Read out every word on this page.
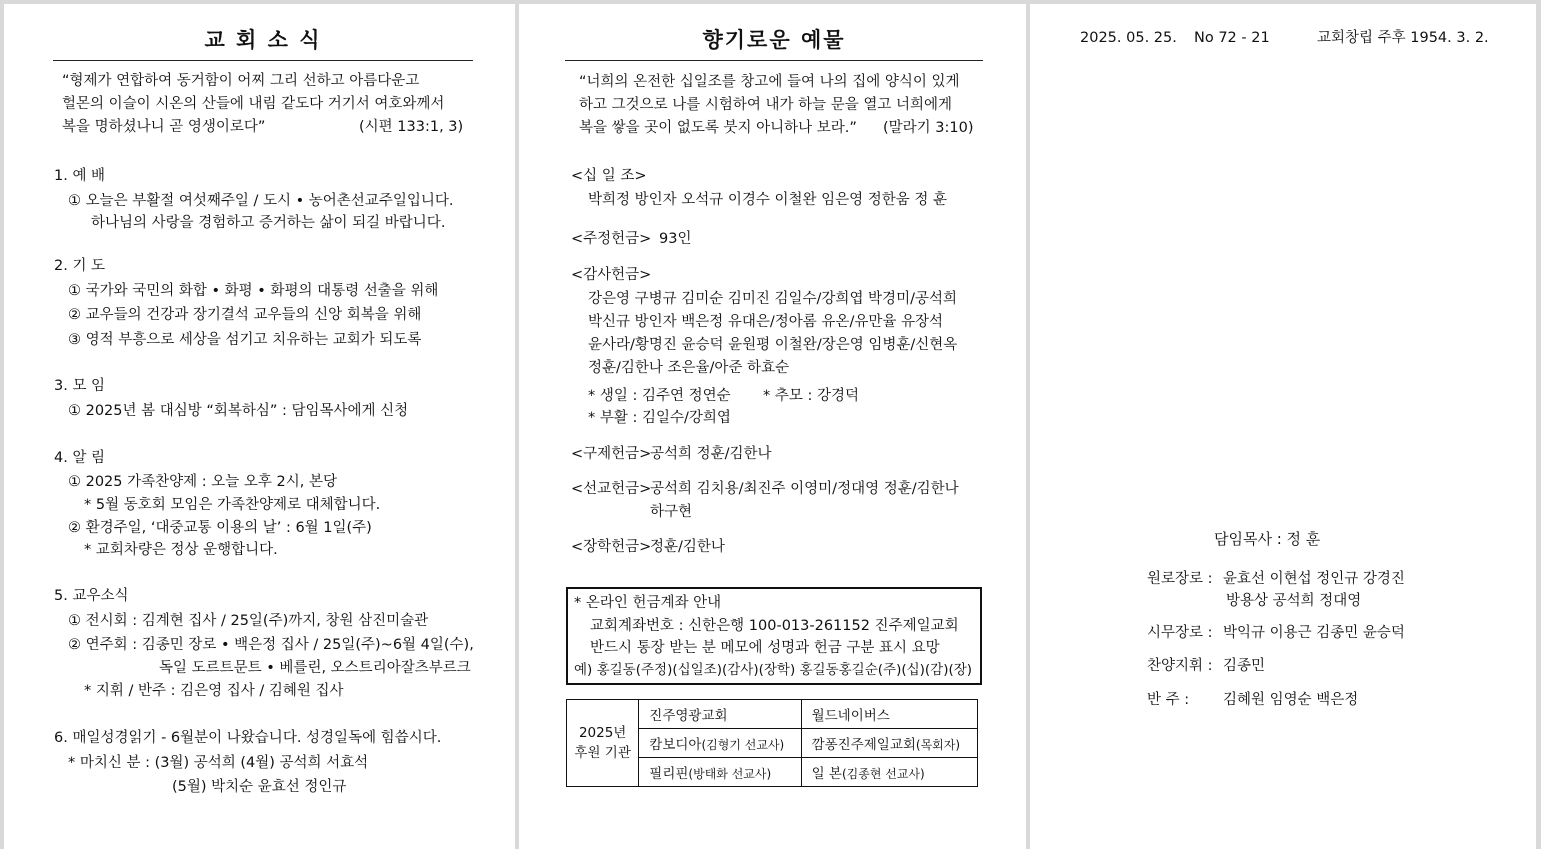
교 회 소 식
“형제가 연합하여 동거함이 어찌 그리 선하고 아름다운고
헐몬의 이슬이 시온의 산들에 내림 같도다 거기서 여호와께서
복을 명하셨나니 곧 영생이로다”	(시편 133:1, 3)
1. 예 배
① 오늘은 부활절 여섯째주일 / 도시 • 농어촌선교주일입니다.
하나님의 사랑을 경험하고 증거하는 삶이 되길 바랍니다.
2. 기 도
① 국가와 국민의 화합 • 화평 • 화평의 대통령 선출을 위해
② 교우들의 건강과 장기결석 교우들의 신앙 회복을 위해
③ 영적 부흥으로 세상을 섬기고 치유하는 교회가 되도록
3. 모 임
① 2025년 봄 대심방 “회복하심” : 담임목사에게 신청
4. 알 림
① 2025 가족찬양제 : 오늘 오후 2시, 본당
* 5월 동호회 모임은 가족찬양제로 대체합니다.
② 환경주일, ‘대중교통 이용의 날’ : 6월 1일(주)
* 교회차량은 정상 운행합니다.
5. 교우소식
① 전시회 : 김계현 집사 / 25일(주)까지, 창원 삼진미술관
② 연주회 : 김종민 장로 • 백은정 집사 / 25일(주)~6월 4일(수),
독일 도르트문트 • 베를린, 오스트리아잘츠부르크
* 지휘 / 반주 : 김은영 집사 / 김혜원 집사
6. 매일성경읽기 - 6월분이 나왔습니다. 성경일독에 힘씁시다.
* 마치신 분 : (3월) 공석희 (4월) 공석희 서효석
(5월) 박치순 윤효선 정인규
향기로운 예물
“너희의 온전한 십일조를 창고에 들여 나의 집에 양식이 있게
하고 그것으로 나를 시험하여 내가 하늘 문을 열고 너희에게
복을 쌓을 곳이 없도록 붓지 아니하나 보라.” (말라기 3:10)
<십 일 조>
박희정 방인자 오석규 이경수 이철완 임은영 정한움 정 훈
<주정헌금> 93인
<감사헌금>
강은영 구병규 김미순 김미진 김일수/강희엽 박경미/공석희
박신규 방인자 백은정 유대은/정아롬 유온/유만율 유장석
윤사라/황명진 윤승덕 윤원평 이철완/장은영 임병훈/신현옥
정훈/김한나 조은율/아준 하효순
* 생일 : 김주연 정연순 * 추모 : 강경덕
* 부활 : 김일수/강희엽
<구제헌금>
공석희 정훈/김한나
<선교헌금>
공석희 김치용/최진주 이영미/정대영 정훈/김한나
하구현
<장학헌금>
정훈/김한나
* 온라인 헌금계좌 안내
교회계좌번호 : 신한은행 100-013-261152 진주제일교회
반드시 통장 받는 분 메모에 성명과 헌금 구분 표시 요망
예) 홍길동(주정)(십일조)(감사)(장학) 홍길동홍길순(주)(십)(감)(장)
2025년
후원 기관	진주영광교회	월드네이버스
	캄보디아(김형기 선교사)	깜퐁진주제일교회(목회자)
	필리핀(방태화 선교사)	일 본(김종현 선교사)
2025. 05. 25. No 72 - 21	교회창립 주후 1954. 3. 2.
담임목사 : 정 훈
원로장로 : 윤효선 이현섭 정인규 강경진
방용상 공석희 정대영
시무장로 : 박익규 이용근 김종민 윤승덕
찬양지휘 : 김종민
반 주 : 김혜원 임영순 백은정
